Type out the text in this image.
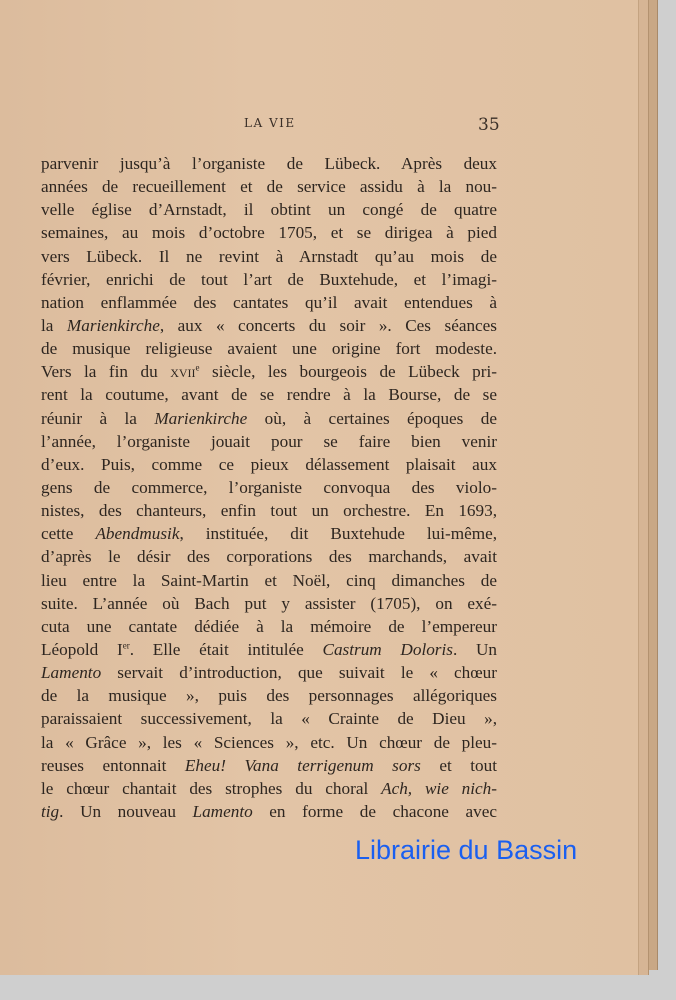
LA VIE	35
parvenir jusqu’à l’organiste de Lübeck. Après deux
années de recueillement et de service assidu à la nou-
velle église d’Arnstadt, il obtint un congé de quatre
semaines, au mois d’octobre 1705, et se dirigea à pied
vers Lübeck. Il ne revint à Arnstadt qu’au mois de
février, enrichi de tout l’art de Buxtehude, et l’imagi-
nation enflammée des cantates qu’il avait entendues à
la Marienkirche, aux « concerts du soir ». Ces séances
de musique religieuse avaient une origine fort modeste.
Vers la fin du xvii$^e$ siècle, les bourgeois de Lübeck pri-
rent la coutume, avant de se rendre à la Bourse, de se
réunir à la Marienkirche où, à certaines époques de
l’année, l’organiste jouait pour se faire bien venir
d’eux. Puis, comme ce pieux délassement plaisait aux
gens de commerce, l’organiste convoqua des violo-
nistes, des chanteurs, enfin tout un orchestre. En 1693,
cette Abendmusik, instituée, dit Buxtehude lui-même,
d’après le désir des corporations des marchands, avait
lieu entre la Saint-Martin et Noël, cinq dimanches de
suite. L’année où Bach put y assister (1705), on exé-
cuta une cantate dédiée à la mémoire de l’empereur
Léopold Ier. Elle était intitulée Castrum Doloris. Un
Lamento servait d’introduction, que suivait le « chœur
de la musique », puis des personnages allégoriques
paraissaient successivement, la « Crainte de Dieu »,
la « Grâce », les « Sciences », etc. Un chœur de pleu-
reuses entonnait Eheu! Vana terrigenum sors et tout
le chœur chantait des strophes du choral Ach, wie nich-
tig. Un nouveau Lamento en forme de chacone avec
Librairie du Bassin
